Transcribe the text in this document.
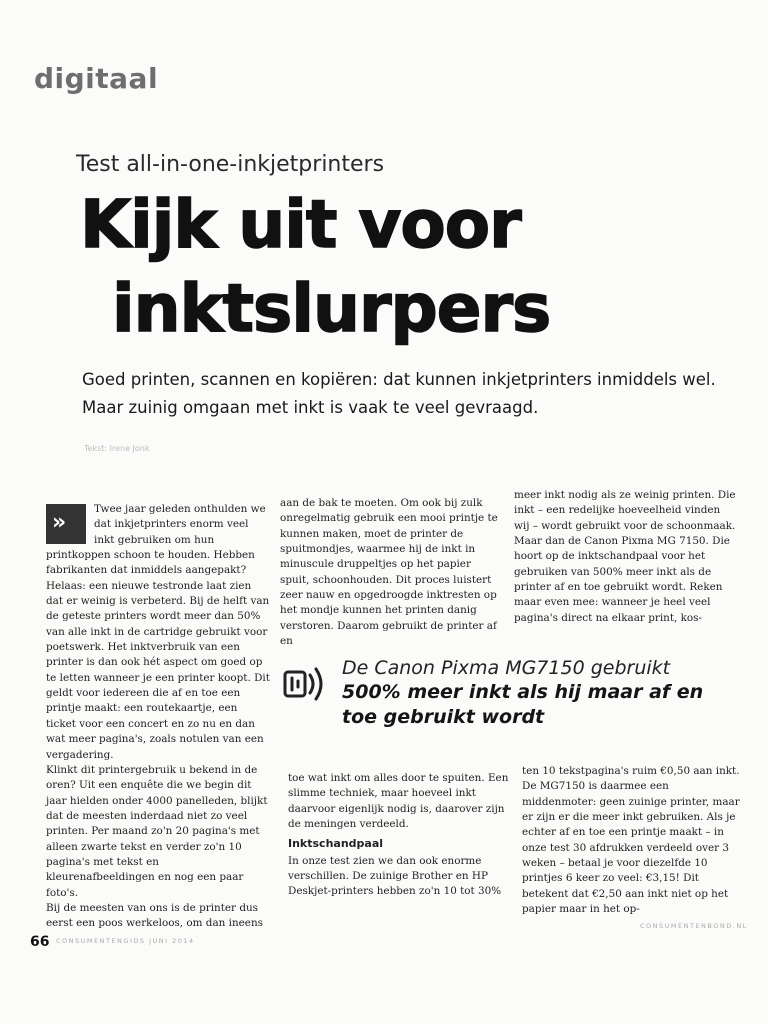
digitaal
Test all-in-one-inkjetprinters
Kijk uit voor
inktslurpers
Goed printen, scannen en kopiëren: dat kunnen inkjetprinters inmiddels wel. Maar zuinig omgaan met inkt is vaak te veel gevraagd.
Tekst: Irene Jonk
››

Twee jaar geleden onthulden we dat inkjetprinters enorm veel inkt gebruiken om hun printkoppen schoon te houden. Hebben fabrikanten dat inmiddels aangepakt? Helaas: een nieuwe testronde laat zien dat er weinig is verbeterd. Bij de helft van de geteste printers wordt meer dan 50% van alle inkt in de cartridge gebruikt voor poetswerk. Het inktverbruik van een printer is dan ook hét aspect om goed op te letten wanneer je een printer koopt. Dit geldt voor iedereen die af en toe een printje maakt: een routekaartje, een ticket voor een concert en zo nu en dan wat meer pagina's, zoals notulen van een vergadering.

Klinkt dit printergebruik u bekend in de oren? Uit een enquête die we begin dit jaar hielden onder 4000 panelleden, blijkt dat de meesten inderdaad niet zo veel printen. Per maand zo'n 20 pagina's met alleen zwarte tekst en verder zo'n 10 pagina's met tekst en kleurenafbeeldingen en nog een paar foto's.

Bij de meesten van ons is de printer dus eerst een poos werkeloos, om dan ineens

aan de bak te moeten. Om ook bij zulk onregelmatig gebruik een mooi printje te kunnen maken, moet de printer de spuitmondjes, waarmee hij de inkt in minuscule druppeltjes op het papier spuit, schoonhouden. Dit proces luistert zeer nauw en opgedroogde inktresten op het mondje kunnen het printen danig verstoren. Daarom gebruikt de printer af en

meer inkt nodig als ze weinig printen. Die inkt – een redelijke hoeveelheid vinden wij – wordt gebruikt voor de schoonmaak. Maar dan de Canon Pixma MG 7150. Die hoort op de inktschandpaal voor het gebruiken van 500% meer inkt als de printer af en toe gebruikt wordt. Reken maar even mee: wanneer je heel veel pagina's direct na elkaar print, kos-

De Canon Pixma MG7150 gebruikt
500% meer inkt als hij maar af en toe gebruikt wordt

toe wat inkt om alles door te spuiten. Een slimme techniek, maar hoeveel inkt daarvoor eigenlijk nodig is, daarover zijn de meningen verdeeld.

Inktschandpaal

In onze test zien we dan ook enorme verschillen. De zuinige Brother en HP Deskjet-printers hebben zo'n 10 tot 30%

ten 10 tekstpagina's ruim €0,50 aan inkt. De MG7150 is daarmee een middenmoter: geen zuinige printer, maar er zijn er die meer inkt gebruiken. Als je echter af en toe een printje maakt – in onze test 30 afdrukken verdeeld over 3 weken – betaal je voor diezelfde 10 printjes 6 keer zo veel: €3,15! Dit betekent dat €2,50 aan inkt niet op het papier maar in het op-

66 CONSUMENTENGIDS JUNI 2014
CONSUMENTENBOND.NL
